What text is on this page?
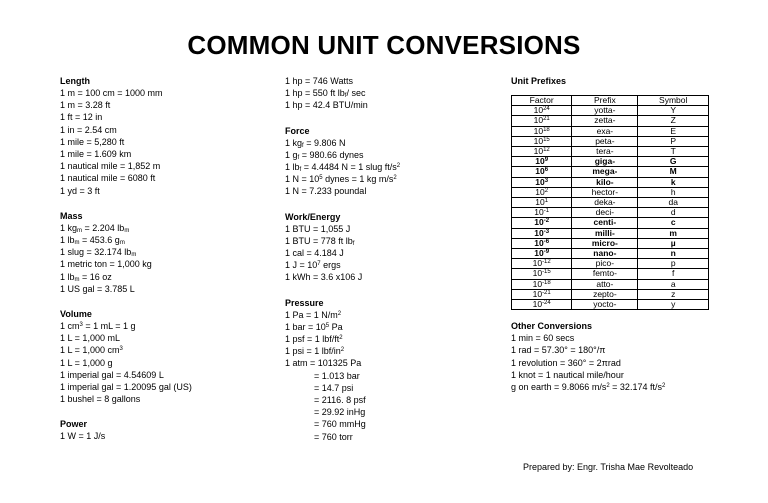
COMMON UNIT CONVERSIONS
Length
1 m = 100 cm = 1000 mm
1 m = 3.28 ft
1 ft = 12 in
1 in = 2.54 cm
1 mile = 5,280 ft
1 mile = 1.609 km
1 nautical mile = 1,852 m
1 nautical mile = 6080 ft
1 yd = 3 ft
Mass
1 $kg_m = 2.204$ $lb_m$
1 $lb_m = 453.6$ $g_m$
1 slug = 32.174 $lb_m$
1 metric ton = 1,000 kg
1 $lb_m = 16$ oz
1 US gal = 3.785 L
Volume
1 $cm^3 = 1$ mL = 1 g
1 L = 1,000 mL
1 L = 1,000 $cm^3$
1 L = 1,000 g
1 imperial gal = 4.54609 L
1 imperial gal = 1.20095 gal (US)
1 bushel = 8 gallons
Power
1 W = 1 J/s
1 hp = 746 Watts
1 hp = 550 ft $lb_f/$ sec
1 hp = 42.4 BTU/min
Force
1 $kg_f = 9.806$ N
1 $g_f = 980.66$ dynes
1 $lb_f = 4.4484$ N = 1 slug $ft/s^2$
1 $N = 10^5$ dynes = 1 kg $m/s^2$
1 N = 7.233 poundal
Work/Energy
1 BTU = 1,055 J
1 BTU = 778 ft $lb_f$
1 cal = 4.184 J
1 $J = 10^7$ ergs
1 kWh = 3.6 x106 J
Pressure
1 Pa = 1 $N/m^2$
1 bar = $10^5$ Pa
1 psf = 1 lbf/$ft^2$
1 psi = 1 lbf/$in^2$
1 atm = 101325 Pa
= 1.013 bar
= 14.7 psi
= 2116. 8 psf
= 29.92 inHg
= 760 mmHg
= 760 torr
Unit Prefixes
Factor	Prefix	Symbol
$10^{24}$	yotta-	Y
$10^{21}$	zetta-	Z
$10^{18}$	exa-	E
$10^{15}$	peta-	P
$10^{12}$	tera-	T
$10^9$	giga-	G
$10^6$	mega-	M
$10^3$	kilo-	k
$10^2$	hector-	h
$10^1$	deka-	da
$10^{-1}$	deci-	d
$10^{-2}$	centi-	c
$10^{-3}$	milli-	m
$10^{-6}$	micro-	µ
$10^{-9}$	nano-	n
$10^{-12}$	pico-	p
$10^{-15}$	femto-	f
$10^{-18}$	atto-	a
$10^{-21}$	zepto-	z
$10^{-24}$	yocto-	y
Other Conversions
1 min = 60 secs
1 rad = 57.30° = 180°/π
1 revolution = 360° = 2πrad
1 knot = 1 nautical mile/hour
g on earth = 9.8066 $m/s^2 = 32.174$ $ft/s^2$
Prepared by: Engr. Trisha Mae Revolteado
